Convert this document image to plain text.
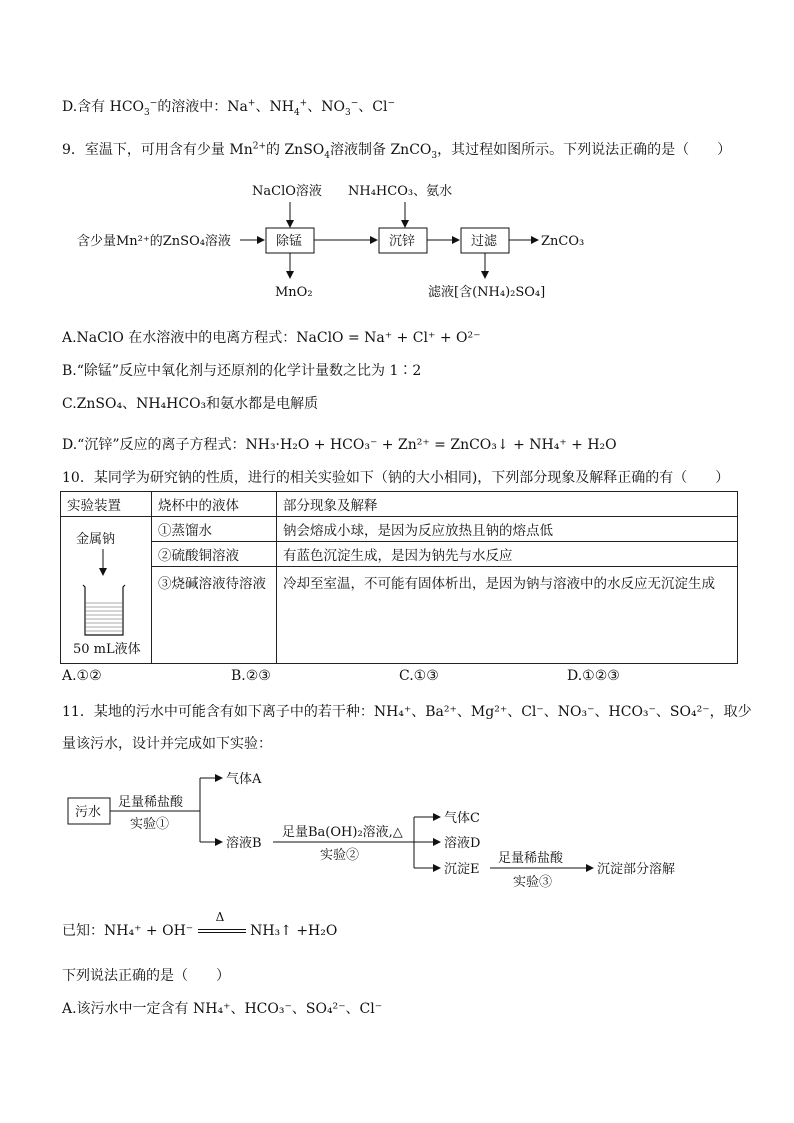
D.含有 $HCO_3^-$的溶液中：Na+、$NH_4^+$、$NO_3^-$、Cl−
9．室温下，可用含有少量 $Mn^{2+}$的 ZnSO$_4$溶液制备 ZnCO$_3$，其过程如图所示。下列说法正确的是（　　）
NaClO溶液 NH₄HCO₃、氨水
含少量Mn²⁺的ZnSO₄溶液	除锰	沉锌	过滤	ZnCO₃
MnO₂	滤液[含(NH₄)₂SO₄]
A.NaClO 在水溶液中的电离方程式：NaClO = Na⁺ + Cl⁺ + O²⁻
B.“除锰”反应中氧化剂与还原剂的化学计量数之比为 1∶2
C.ZnSO₄、NH₄HCO₃和氨水都是电解质
D.“沉锌”反应的离子方程式：NH₃·H₂O + HCO₃⁻ + Zn²⁺ = ZnCO₃↓ + NH₄⁺ + H₂O
10．某同学为研究钠的性质，进行的相关实验如下（钠的大小相同)，下列部分现象及解释正确的有（　　）
实验装置	烧杯中的液体	部分现象及解释

金属钠
50 mL液体	①蒸馏水	钠会熔成小球，是因为反应放热且钠的熔点低
	②硫酸铜溶液	有蓝色沉淀生成，是因为钠先与水反应
	③烧碱溶液待溶液	冷却至室温，不可能有固体析出，是因为钠与溶液中的水反应无沉淀生成

A.①②	B.②③	C.①③	D.①②③
11．某地的污水中可能含有如下离子中的若干种：NH₄⁺、Ba²⁺、Mg²⁺、Cl⁻、NO₃⁻、HCO₃⁻、SO₄²⁻，取少
量该污水，设计并完成如下实验：
污水
足量稀盐酸
实验①
气体A
溶液B
足量Ba(OH)₂溶液,△
实验②
气体C
溶液D
沉淀E
足量稀盐酸
实验③
沉淀部分溶解
已知：NH₄⁺ + OH⁻
Δ
NH₃↑ +H₂O
下列说法正确的是（　　）
A.该污水中一定含有 NH₄⁺、HCO₃⁻、SO₄²⁻、Cl⁻
